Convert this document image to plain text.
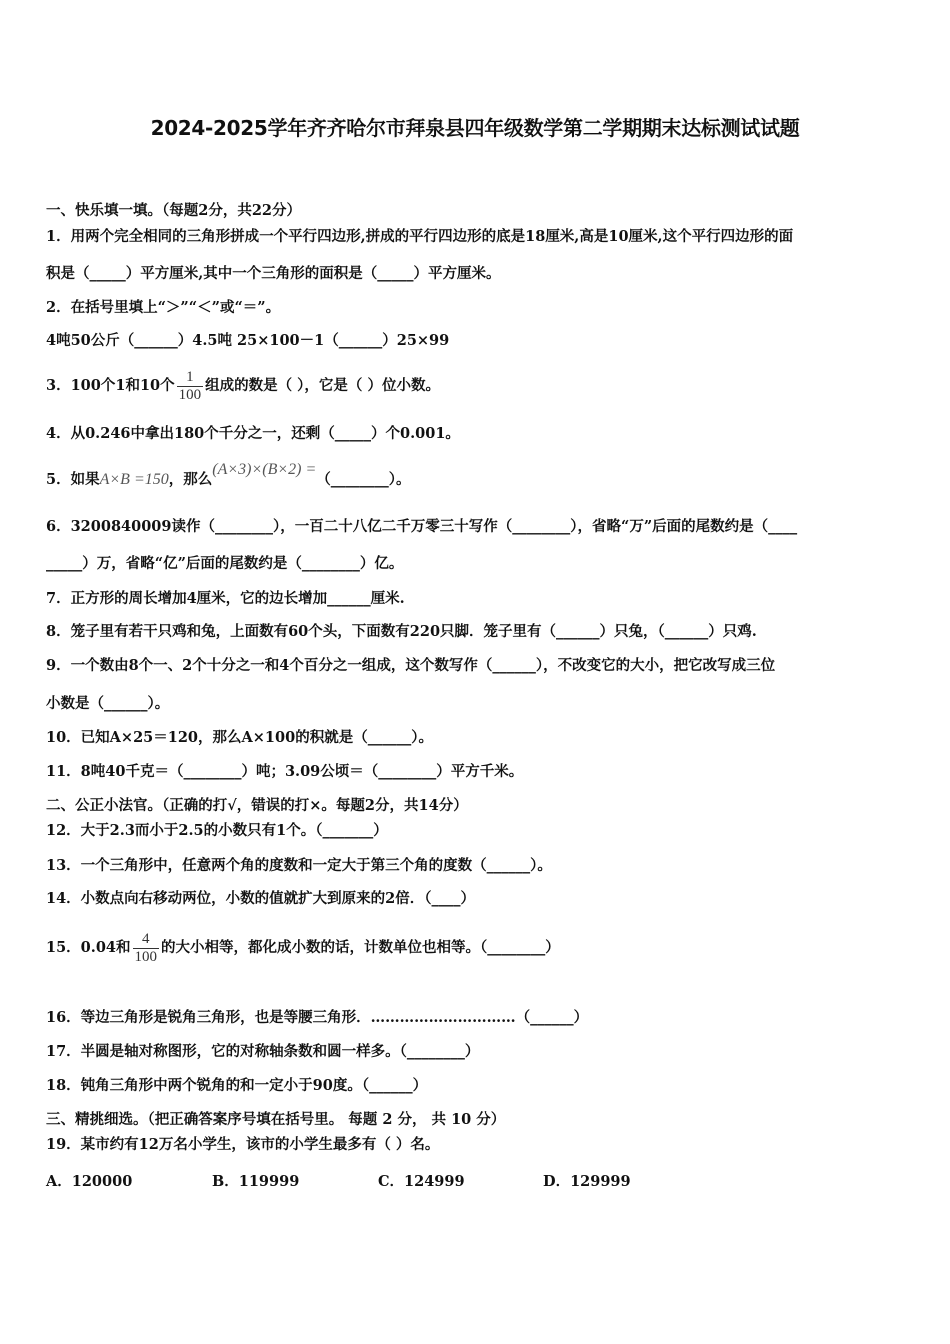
2024-2025学年齐齐哈尔市拜泉县四年级数学第二学期期末达标测试试题
一、快乐填一填。（每题2分，共22分）
1．用两个完全相同的三角形拼成一个平行四边形,拼成的平行四边形的底是18厘米,高是10厘米,这个平行四边形的面
积是（_____）平方厘米,其中一个三角形的面积是（_____）平方厘米。
2．在括号里填上“＞”“＜”或“＝”。
4吨50公斤（______）4.5吨 25×100－1（______）25×99
3．100个1和10个 $\frac{1}{100}$ 组成的数是（ ），它是（ ）位小数。
4．从0.246中拿出180个千分之一，还剩（_____）个0.001。
5．如果A×B =150，那么(A×3)×(B×2) =（________）。
6．3200840009读作（________），一百二十八亿二千万零三十写作（________），省略“万”后面的尾数约是（____
_____）万，省略“亿”后面的尾数约是（________）亿。
7．正方形的周长增加4厘米，它的边长增加______厘米.
8．笼子里有若干只鸡和兔，上面数有60个头，下面数有220只脚．笼子里有（______）只兔，（______）只鸡.
9．一个数由8个一、2个十分之一和4个百分之一组成，这个数写作（______），不改变它的大小，把它改写成三位
小数是（______）。
10．已知A×25＝120，那么A×100的积就是（______）。
11．8吨40千克＝（________）吨；3.09公顷＝（________）平方千米。
二、公正小法官。（正确的打√，错误的打×。每题2分，共14分）
12．大于2.3而小于2.5的小数只有1个。（_______）
13．一个三角形中，任意两个角的度数和一定大于第三个角的度数（______）。
14．小数点向右移动两位，小数的值就扩大到原来的2倍．（____）
15．0.04和 $\frac{4}{100}$ 的大小相等，都化成小数的话，计数单位也相等。（________）
16．等边三角形是锐角三角形，也是等腰三角形．…………………………（______）
17．半圆是轴对称图形，它的对称轴条数和圆一样多。（________）
18．钝角三角形中两个锐角的和一定小于90度。（______）
三、精挑细选。（把正确答案序号填在括号里。 每题 2 分， 共 10 分）
19．某市约有12万名小学生，该市的小学生最多有（ ）名。
A．120000	B．119999	C．124999	D．129999
